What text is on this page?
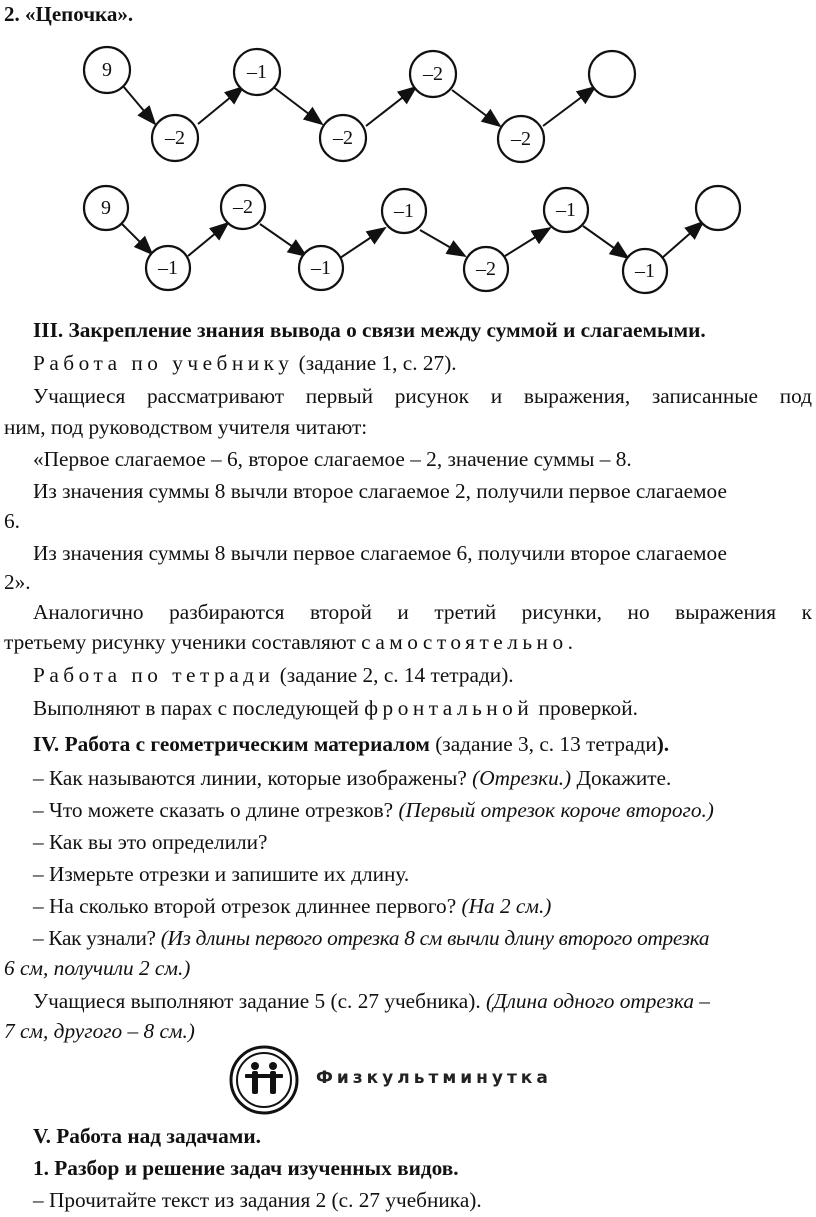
2. «Цепочка».
9
–2
–1
–2
–2
–2
9
–1
–2
–1
–1
–2
–1
–1
III. Закрепление знания вывода о связи между суммой и слагаемыми.
Работа по учебнику (задание 1, с. 27).
Учащиеся рассматривают первый рисунок и выражения, записанные под
ним, под руководством учителя читают:
«Первое слагаемое – 6, второе слагаемое – 2, значение суммы – 8.
Из значения суммы 8 вычли второе слагаемое 2, получили первое слагаемое
6.
Из значения суммы 8 вычли первое слагаемое 6, получили второе слагаемое
2».
Аналогично разбираются второй и третий рисунки, но выражения к
третьему рисунку ученики составляют самостоятельно.
Работа по тетради (задание 2, с. 14 тетради).
Выполняют в парах с последующей фронтальной проверкой.
IV. Работа с геометрическим материалом (задание 3, с. 13 тетради).
– Как называются линии, которые изображены? (Отрезки.) Докажите.
– Что можете сказать о длине отрезков? (Первый отрезок короче второго.)
– Как вы это определили?
– Измерьте отрезки и запишите их длину.
– На сколько второй отрезок длиннее первого? (На 2 см.)
– Как узнали? (Из длины первого отрезка 8 см вычли длину второго отрезка
6 см, получили 2 см.)
Учащиеся выполняют задание 5 (с. 27 учебника). (Длина одного отрезка –
7 см, другого – 8 см.)
Физкультминутка
V. Работа над задачами.
1. Разбор и решение задач изученных видов.
– Прочитайте текст из задания 2 (с. 27 учебника).
